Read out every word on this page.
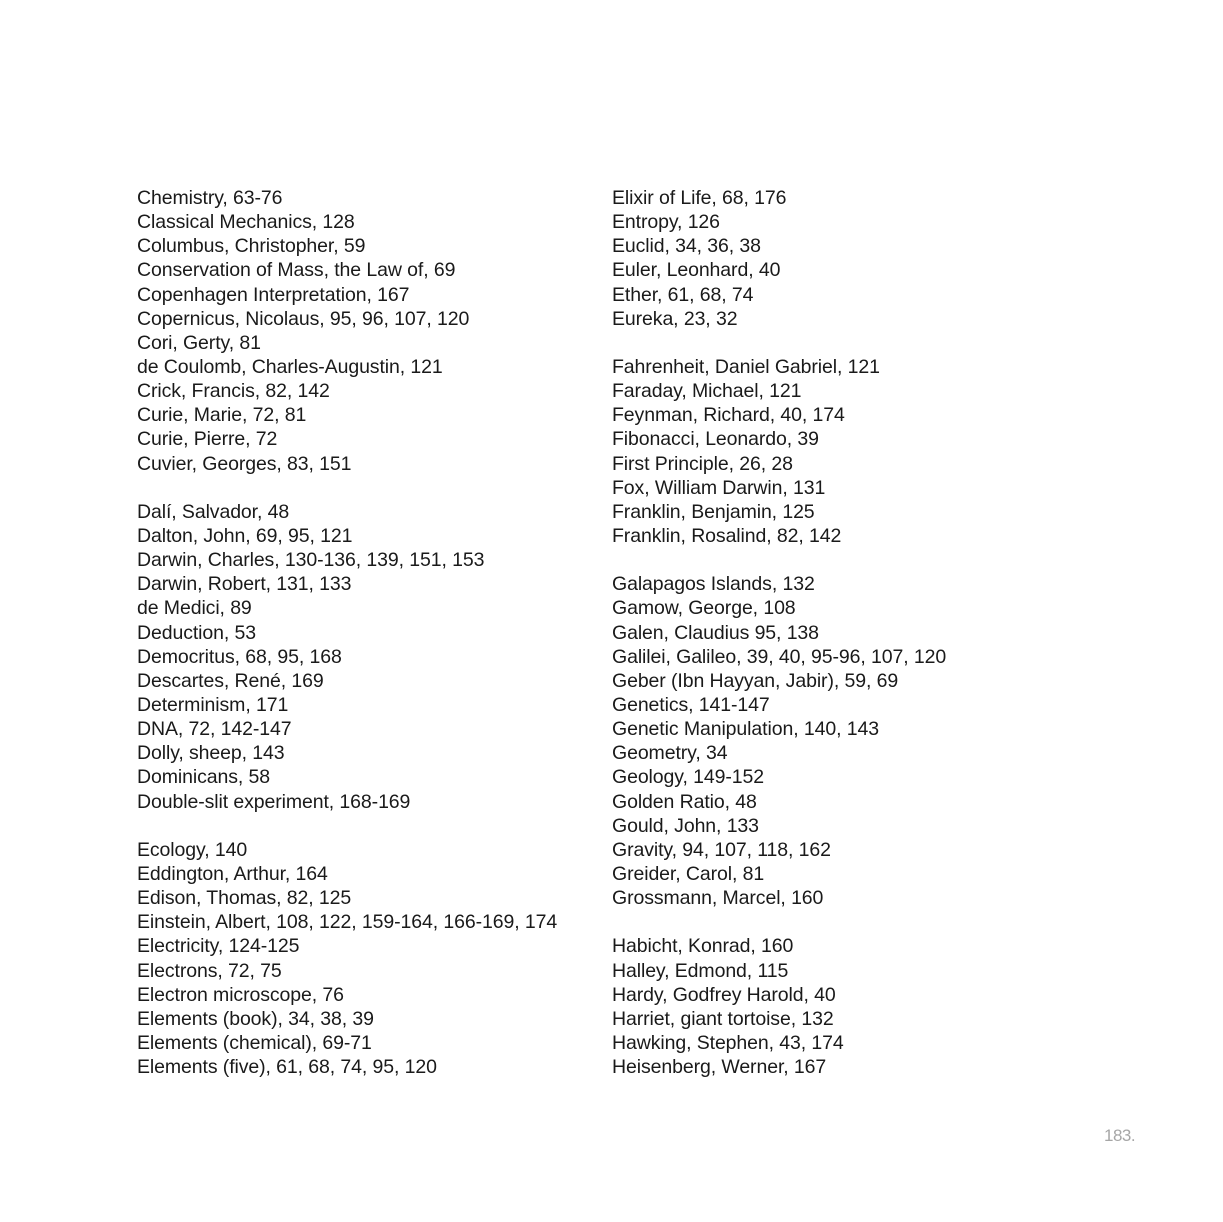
Chemistry, 63-76
Classical Mechanics, 128
Columbus, Christopher, 59
Conservation of Mass, the Law of, 69
Copenhagen Interpretation, 167
Copernicus, Nicolaus, 95, 96, 107, 120
Cori, Gerty, 81
de Coulomb, Charles-Augustin, 121
Crick, Francis, 82, 142
Curie, Marie, 72, 81
Curie, Pierre, 72
Cuvier, Georges, 83, 151
Dalí, Salvador, 48
Dalton, John, 69, 95, 121
Darwin, Charles, 130-136, 139, 151, 153
Darwin, Robert, 131, 133
de Medici, 89
Deduction, 53
Democritus, 68, 95, 168
Descartes, René, 169
Determinism, 171
DNA, 72, 142-147
Dolly, sheep, 143
Dominicans, 58
Double-slit experiment, 168-169
Ecology, 140
Eddington, Arthur, 164
Edison, Thomas, 82, 125
Einstein, Albert, 108, 122, 159-164, 166-169, 174
Electricity, 124-125
Electrons, 72, 75
Electron microscope, 76
Elements (book), 34, 38, 39
Elements (chemical), 69-71
Elements (five), 61, 68, 74, 95, 120
Elixir of Life, 68, 176
Entropy, 126
Euclid, 34, 36, 38
Euler, Leonhard, 40
Ether, 61, 68, 74
Eureka, 23, 32
Fahrenheit, Daniel Gabriel, 121
Faraday, Michael, 121
Feynman, Richard, 40, 174
Fibonacci, Leonardo, 39
First Principle, 26, 28
Fox, William Darwin, 131
Franklin, Benjamin, 125
Franklin, Rosalind, 82, 142
Galapagos Islands, 132
Gamow, George, 108
Galen, Claudius 95, 138
Galilei, Galileo, 39, 40, 95-96, 107, 120
Geber (Ibn Hayyan, Jabir), 59, 69
Genetics, 141-147
Genetic Manipulation, 140, 143
Geometry, 34
Geology, 149-152
Golden Ratio, 48
Gould, John, 133
Gravity, 94, 107, 118, 162
Greider, Carol, 81
Grossmann, Marcel, 160
Habicht, Konrad, 160
Halley, Edmond, 115
Hardy, Godfrey Harold, 40
Harriet, giant tortoise, 132
Hawking, Stephen, 43, 174
Heisenberg, Werner, 167
183.
